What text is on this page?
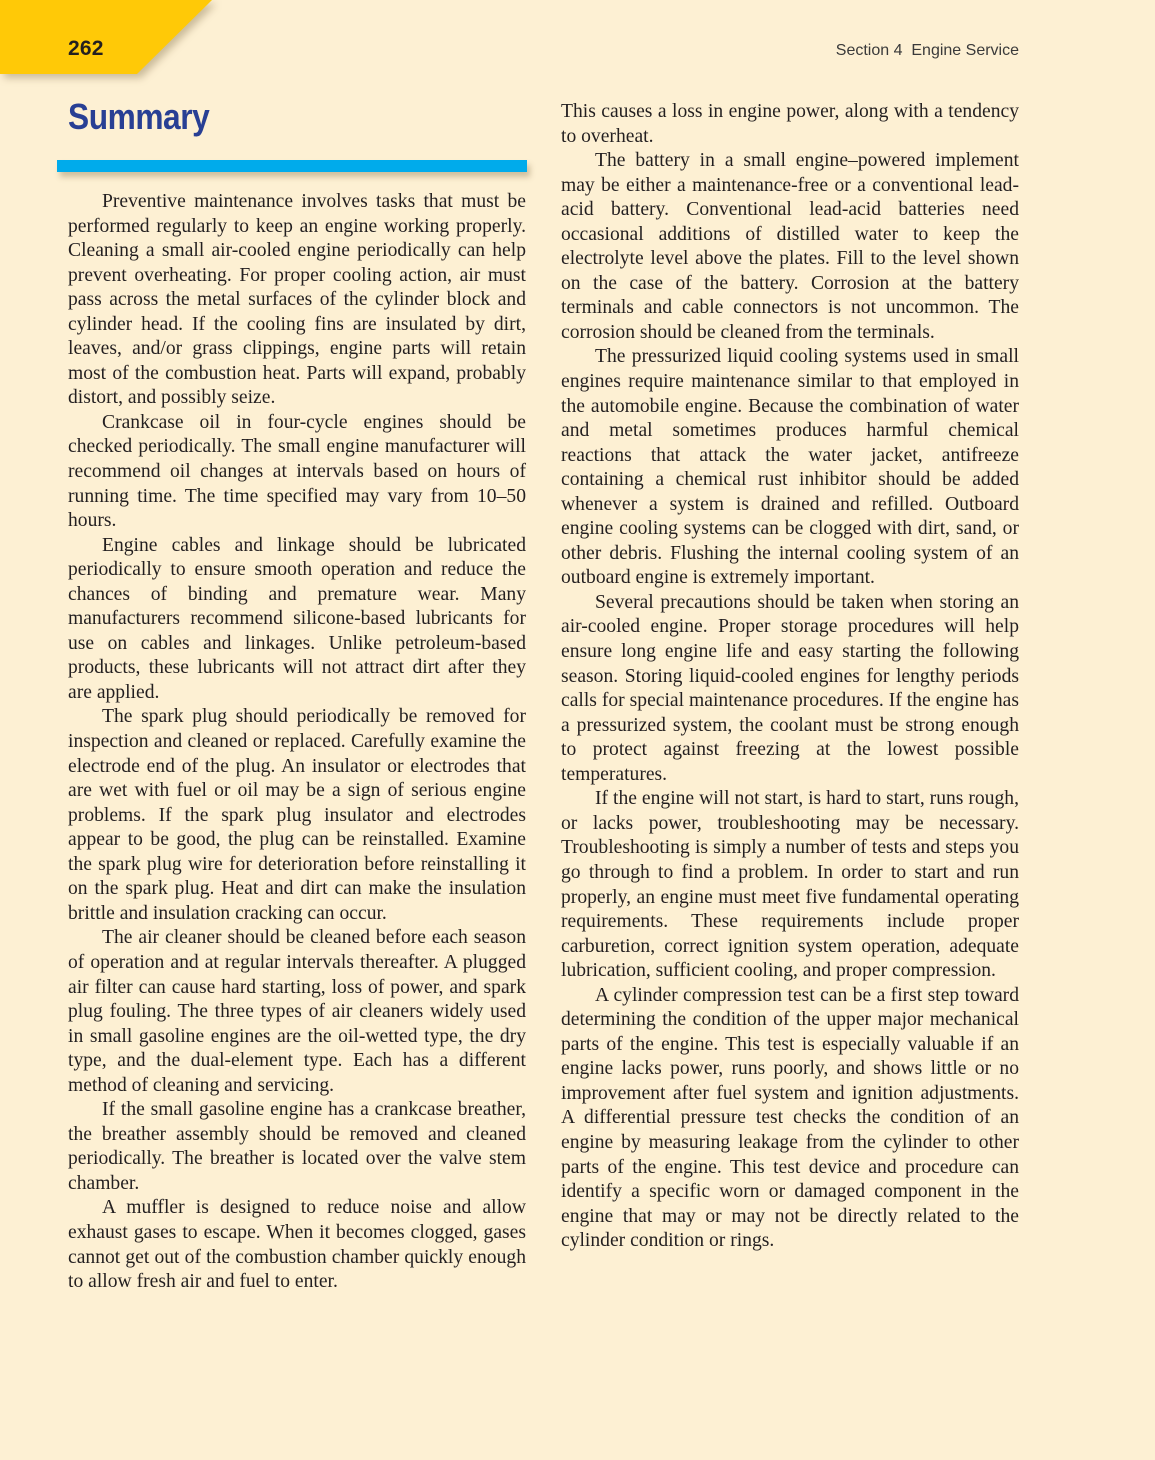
262	Section 4  Engine Service
Summary

Preventive maintenance involves tasks that must be performed regularly to keep an engine working properly. Cleaning a small air-cooled engine periodically can help prevent overheating. For proper cooling action, air must pass across the metal surfaces of the cylinder block and cylinder head. If the cooling fins are insulated by dirt, leaves, and/or grass clippings, engine parts will retain most of the combustion heat. Parts will expand, probably distort, and possibly seize.

Crankcase oil in four-cycle engines should be checked periodically. The small engine manufacturer will recommend oil changes at intervals based on hours of running time. The time specified may vary from 10–50 hours.

Engine cables and linkage should be lubricated periodically to ensure smooth operation and reduce the chances of binding and premature wear. Many manufacturers recommend silicone-based lubricants for use on cables and linkages. Unlike petroleum-based products, these lubricants will not attract dirt after they are applied.

The spark plug should periodically be removed for inspection and cleaned or replaced. Carefully examine the electrode end of the plug. An insulator or electrodes that are wet with fuel or oil may be a sign of serious engine problems. If the spark plug insulator and electrodes appear to be good, the plug can be reinstalled. Examine the spark plug wire for deterioration before reinstalling it on the spark plug. Heat and dirt can make the insulation brittle and insulation cracking can occur.

The air cleaner should be cleaned before each season of operation and at regular intervals thereafter. A plugged air filter can cause hard starting, loss of power, and spark plug fouling. The three types of air cleaners widely used in small gasoline engines are the oil-wetted type, the dry type, and the dual-element type. Each has a different method of cleaning and servicing.

If the small gasoline engine has a crankcase breather, the breather assembly should be removed and cleaned periodically. The breather is located over the valve stem chamber.

A muffler is designed to reduce noise and allow exhaust gases to escape. When it becomes clogged, gases cannot get out of the combustion chamber quickly enough to allow fresh air and fuel to enter.

This causes a loss in engine power, along with a tendency to overheat.

The battery in a small engine–powered implement may be either a maintenance-free or a conventional lead-acid battery. Conventional lead-acid batteries need occasional additions of distilled water to keep the electrolyte level above the plates. Fill to the level shown on the case of the battery. Corrosion at the battery terminals and cable connectors is not uncommon. The corrosion should be cleaned from the terminals.

The pressurized liquid cooling systems used in small engines require maintenance similar to that employed in the automobile engine. Because the combination of water and metal sometimes produces harmful chemical reactions that attack the water jacket, antifreeze containing a chemical rust inhibitor should be added whenever a system is drained and refilled. Outboard engine cooling systems can be clogged with dirt, sand, or other debris. Flushing the internal cooling system of an outboard engine is extremely important.

Several precautions should be taken when storing an air-cooled engine. Proper storage procedures will help ensure long engine life and easy starting the following season. Storing liquid-cooled engines for lengthy periods calls for special maintenance procedures. If the engine has a pressurized system, the coolant must be strong enough to protect against freezing at the lowest possible temperatures.

If the engine will not start, is hard to start, runs rough, or lacks power, troubleshooting may be necessary. Troubleshooting is simply a number of tests and steps you go through to find a problem. In order to start and run properly, an engine must meet five fundamental operating requirements. These requirements include proper carburetion, correct ignition system operation, adequate lubrication, sufficient cooling, and proper compression.

A cylinder compression test can be a first step toward determining the condition of the upper major mechanical parts of the engine. This test is especially valuable if an engine lacks power, runs poorly, and shows little or no improvement after fuel system and ignition adjustments. A differential pressure test checks the condition of an engine by measuring leakage from the cylinder to other parts of the engine. This test device and procedure can identify a specific worn or damaged component in the engine that may or may not be directly related to the cylinder condition or rings.
